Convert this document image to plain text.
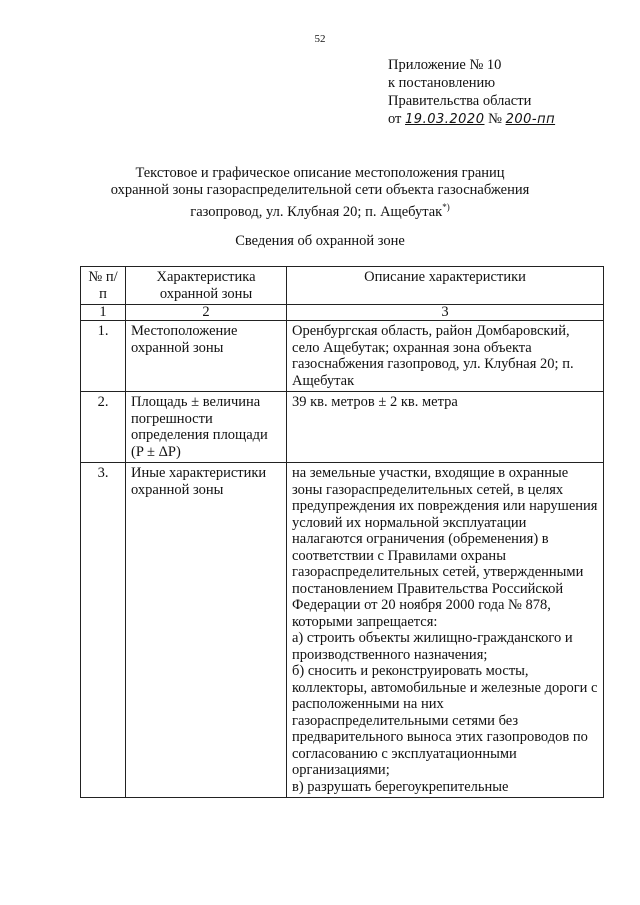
52
Приложение № 10
к постановлению
Правительства области
от 19.03.2020 № 200-пп
Текстовое и графическое описание местоположения границ
охранной зоны газораспределительной сети объекта газоснабжения
газопровод, ул. Клубная 20; п. Ащебутак*)
Сведения об охранной зоне
№ п/п	Характеристика охранной зоны	Описание характеристики
1	2	3
1.	Местоположение охранной зоны	Оренбургская область, район Домбаровский, село Ащебутак; охранная зона объекта газоснабжения газопровод, ул. Клубная 20; п. Ащебутак
2.	Площадь ± величина погрешности определения площади (P ± ΔP)	39 кв. метров ± 2 кв. метра
3.	Иные характеристики охранной зоны	на земельные участки, входящие в охранные зоны газораспределительных сетей, в целях предупреждения их повреждения или нарушения условий их нормальной эксплуатации налагаются ограничения (обременения) в соответствии с Правилами охраны газораспределительных сетей, утвержденными постановлением Правительства Российской Федерации от 20 ноября 2000 года № 878, которыми запрещается:
а) строить объекты жилищно-гражданского и производственного назначения;
б) сносить и реконструировать мосты, коллекторы, автомобильные и железные дороги с расположенными на них газораспределительными сетями без предварительного выноса этих газопроводов по согласованию с эксплуатационными организациями;
в) разрушать берегоукрепительные
